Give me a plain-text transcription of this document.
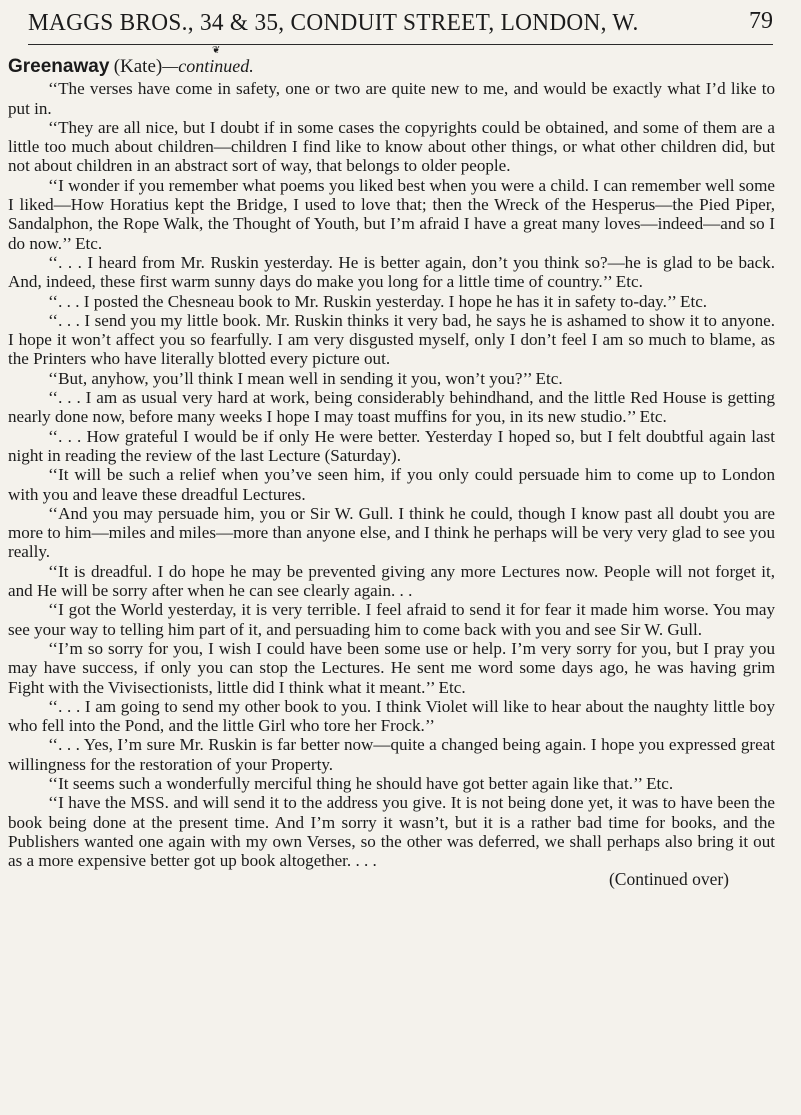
MAGGS BROS., 34 & 35, CONDUIT STREET, LONDON, W.	79
❦
Greenaway (Kate)—continued.

‘‘The verses have come in safety, one or two are quite new to me, and would be exactly what I’d like to put in.

‘‘They are all nice, but I doubt if in some cases the copyrights could be obtained, and some of them are a little too much about children—children I find like to know about other things, or what other children did, but not about children in an abstract sort of way, that belongs to older people.

‘‘I wonder if you remember what poems you liked best when you were a child. I can remember well some I liked—How Horatius kept the Bridge, I used to love that; then the Wreck of the Hesperus—the Pied Piper, Sandalphon, the Rope Walk, the Thought of Youth, but I’m afraid I have a great many loves—indeed—and so I do now.’’ Etc.

‘‘. . . I heard from Mr. Ruskin yesterday. He is better again, don’t you think so?—he is glad to be back. And, indeed, these first warm sunny days do make you long for a little time of country.’’ Etc.

‘‘. . . I posted the Chesneau book to Mr. Ruskin yesterday. I hope he has it in safety to-day.’’ Etc.

‘‘. . . I send you my little book. Mr. Ruskin thinks it very bad, he says he is ashamed to show it to anyone. I hope it won’t affect you so fearfully. I am very disgusted myself, only I don’t feel I am so much to blame, as the Printers who have literally blotted every picture out.

‘‘But, anyhow, you’ll think I mean well in sending it you, won’t you?’’ Etc.

‘‘. . . I am as usual very hard at work, being considerably behindhand, and the little Red House is getting nearly done now, before many weeks I hope I may toast muffins for you, in its new studio.’’ Etc.

‘‘. . . How grateful I would be if only He were better. Yesterday I hoped so, but I felt doubtful again last night in reading the review of the last Lecture (Saturday).

‘‘It will be such a relief when you’ve seen him, if you only could persuade him to come up to London with you and leave these dreadful Lectures.

‘‘And you may persuade him, you or Sir W. Gull. I think he could, though I know past all doubt you are more to him—miles and miles—more than anyone else, and I think he perhaps will be very very glad to see you really.

‘‘It is dreadful. I do hope he may be prevented giving any more Lectures now. People will not forget it, and He will be sorry after when he can see clearly again. . .

‘‘I got the World yesterday, it is very terrible. I feel afraid to send it for fear it made him worse. You may see your way to telling him part of it, and persuading him to come back with you and see Sir W. Gull.

‘‘I’m so sorry for you, I wish I could have been some use or help. I’m very sorry for you, but I pray you may have success, if only you can stop the Lectures. He sent me word some days ago, he was having grim Fight with the Vivisectionists, little did I think what it meant.’’ Etc.

‘‘. . . I am going to send my other book to you. I think Violet will like to hear about the naughty little boy who fell into the Pond, and the little Girl who tore her Frock.’’

‘‘. . . Yes, I’m sure Mr. Ruskin is far better now—quite a changed being again. I hope you expressed great willingness for the restoration of your Property.

‘‘It seems such a wonderfully merciful thing he should have got better again like that.’’ Etc.

‘‘I have the MSS. and will send it to the address you give. It is not being done yet, it was to have been the book being done at the present time. And I’m sorry it wasn’t, but it is a rather bad time for books, and the Publishers wanted one again with my own Verses, so the other was deferred, we shall perhaps also bring it out as a more expensive better got up book altogether. . . .

(Continued over)
